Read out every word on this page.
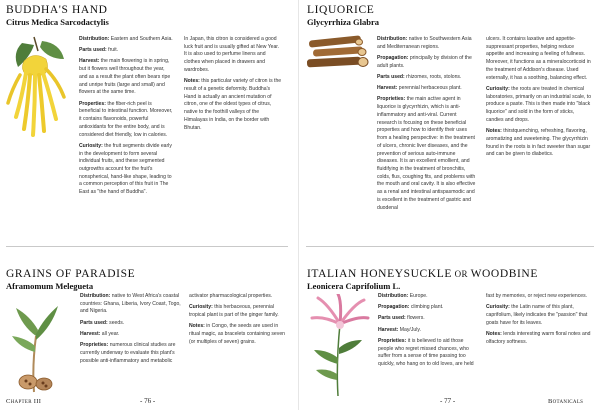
BUDDHA'S HAND
Citrus Medica Sarcodactylis

Distribution: Eastern and Southern Asia.

Parts used: fruit.

Harvest: the main flowering is in spring, but it flowers well throughout the year, and as a result the plant often bears ripe and unripe fruits (large and small) and flowers at the same time.

Properties: the fiber-rich peel is beneficial to intestinal function. Moreover, it contains flavonoids, powerful antioxidants for the entire body, and is considered diet friendly, low in calories.

Curiosity: the fruit segments divide early in the development to form several individual fruits, and these segmented outgrowths account for the fruit's nonspherical, hand-like shape, leading to a common perception of this fruit in The East as "the hand of Buddha".

In Japan, this citron is considered a good luck fruit and is usually gifted at New Year. It is also used to perfume linens and clothes when placed in drawers and wardrobes.

Notes: this particular variety of citron is the result of a genetic deformity. Buddha's Hand is actually an ancient mutation of citron, one of the oldest types of citrus, native to the foothill valleys of the Himalayas in India, on the border with Bhutan.

LIQUORICE
Glycyrrhiza Glabra

Distribution: native to Southwestern Asia and Mediterranean regions.

Propagation: principally by division of the adult plants.

Parts used: rhizomes, roots, stolons.

Harvest: perennial herbaceous plant.

Proprieties: the main active agent in liquorice is glycyrrhizin, which is anti-inflammatory and anti-viral. Current research is focusing on these beneficial properties and how to identify their uses from a healing perspective: in the treatment of ulcers, chronic liver diseases, and the prevention of serious auto-immune diseases. It is an excellent emollient, and fluidifying in the treatment of bronchitis, colds, flus, coughing fits, and problems with the mouth and oral cavity. It is also effective as a renal and intestinal antispasmodic and is excellent in the treatment of gastric and duodenal

ulcers. It contains laxative and appetite-suppressant properties, helping reduce appetite and increasing a feeling of fullness. Moreover, it functions as a mineralocorticoid in the treatment of Addison's disease. Used externally, it has a soothing, balancing effect.

Curiosity: the roots are treated in chemical laboratories, primarily on an industrial scale, to produce a paste. This is then made into "black liquorice" and sold in the form of sticks, candies and drops.

Notes: thirstquenching, refreshing, flavoring, aromatizing and sweetening. The glycyrrhizin found in the roots is in fact sweeter than sugar and can be given to diabetics.

GRAINS OF PARADISE
Aframomum Melegueta

Distribution: native to West Africa's coastal countries: Ghana, Liberia, Ivory Coast, Togo, and Nigeria.

Parts used: seeds.

Harvest: all year.

Proprieties: numerous clinical studies are currently underway to evaluate this plant's possible anti-inflammatory and metabolic

activator pharmacological properties.

Curiosity: this herbaceous, perennial tropical plant is part of the ginger family.

Notes: in Congo, the seeds are used in ritual magic, as bracelets containing seven (or multiples of seven) grains.

ITALIAN HONEYSUCKLE OR WOODBINE
Leonicera Caprifolium L.

Distribution: Europe.

Propagation: climbing plant.

Parts used: flowers.

Harvest: May/July.

Proprieties: it is believed to aid those people who regret missed chances, who suffer from a sense of time passing too quickly, who hang on to old loves, are held

fast by memories, or reject new experiences.

Curiosity: the Latin name of this plant, caprifolium, likely indicates the "passion" that goats have for its leaves.

Notes: lends interesting warm floral notes and olfactory softness.

Chapter III	- 76 -	- 77 -	Botanicals
